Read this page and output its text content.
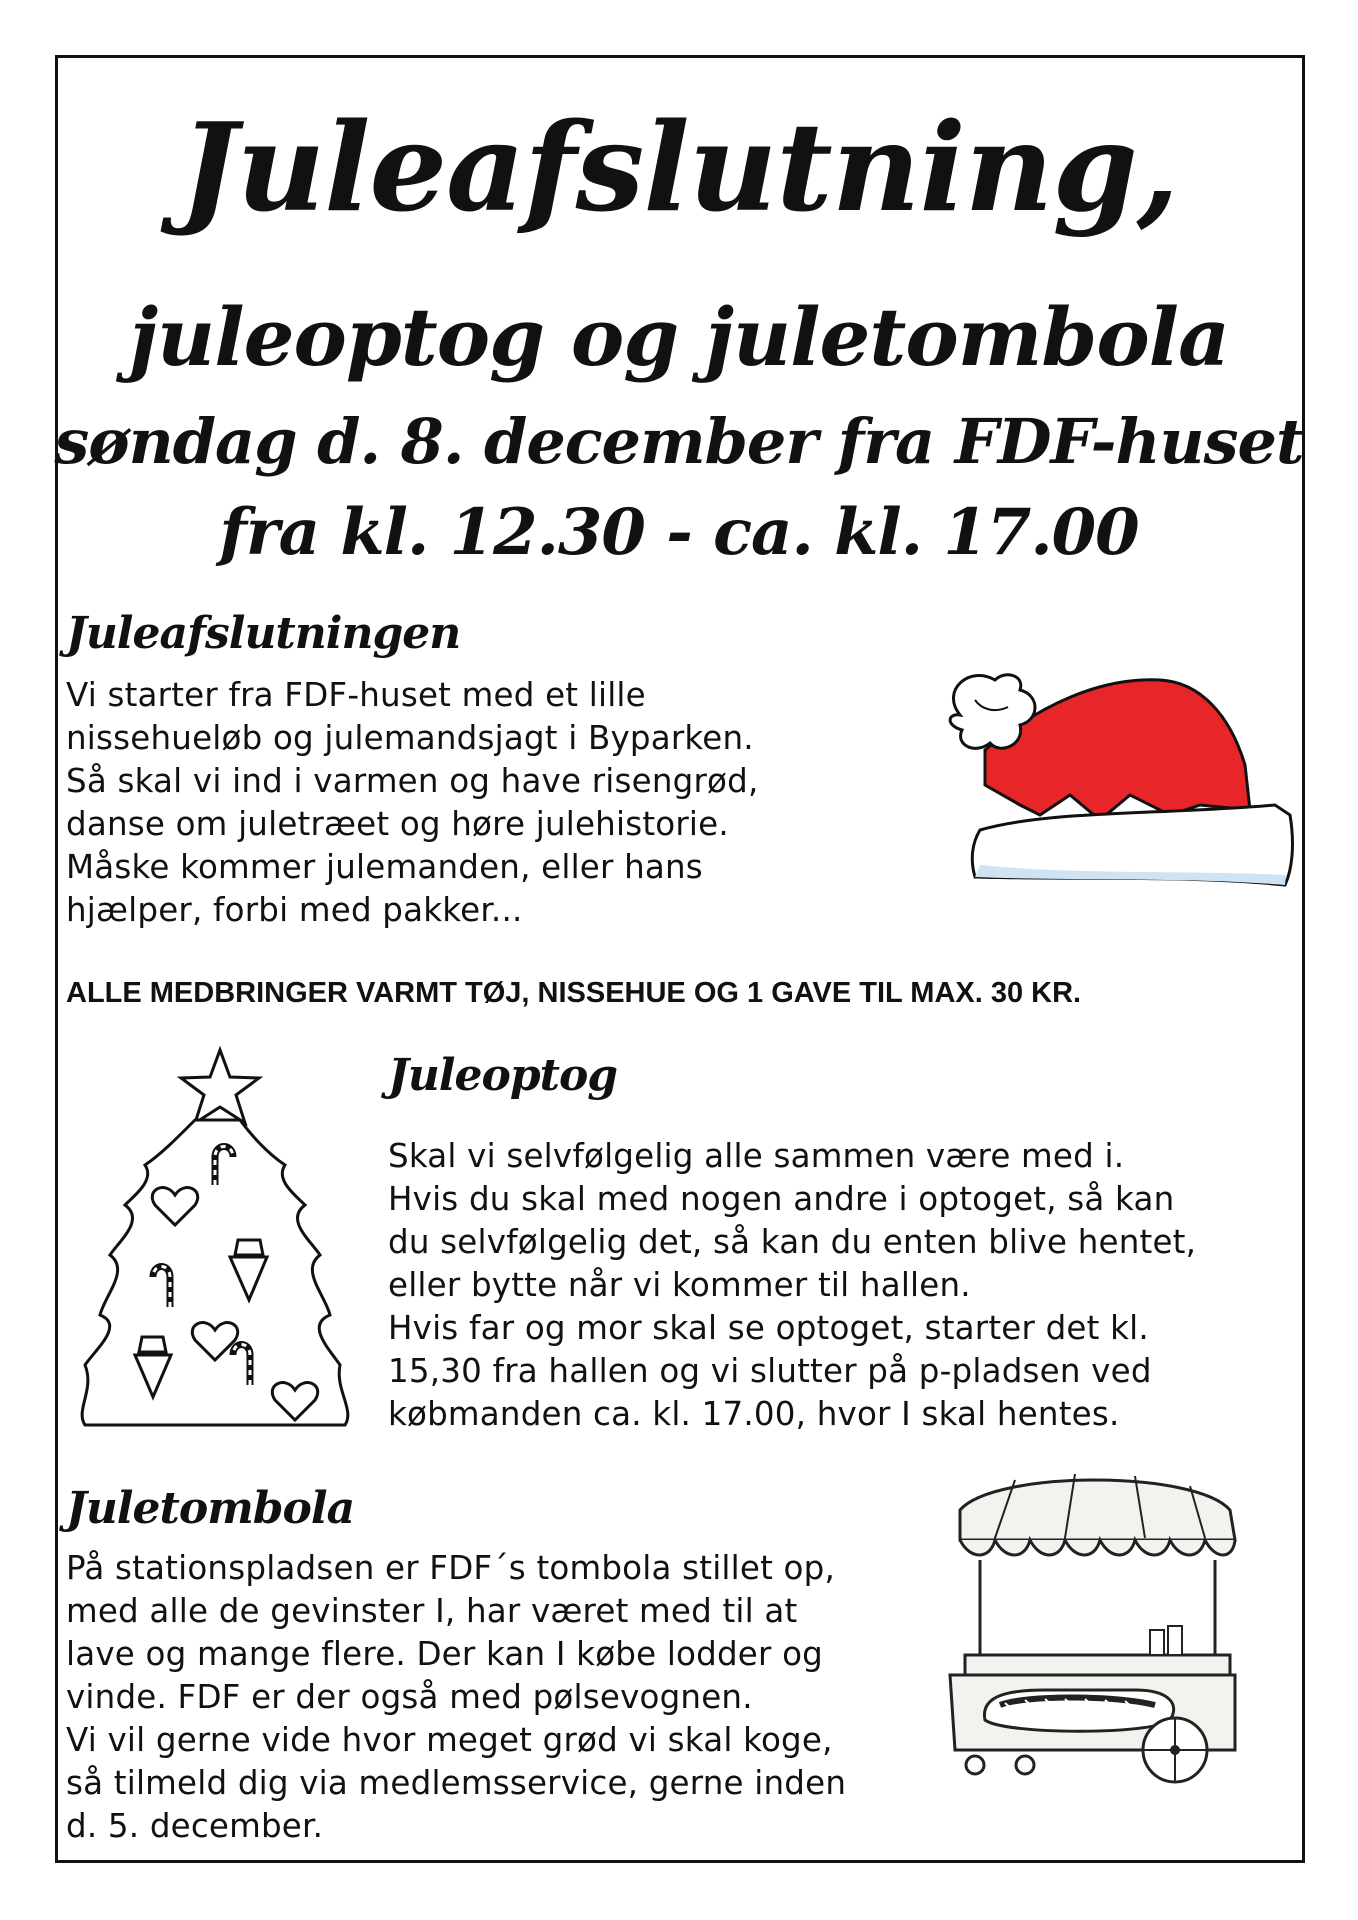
Juleafslutning,
juleoptog og juletombola
søndag d. 8. december fra FDF-huset
fra kl. 12.30 - ca. kl. 17.00
Juleafslutningen
Vi starter fra FDF-huset med et lille
nissehueløb og julemandsjagt i Byparken.
Så skal vi ind i varmen og have risengrød,
danse om juletræet og høre julehistorie.
Måske kommer julemanden, eller hans
hjælper, forbi med pakker...
ALLE MEDBRINGER VARMT TØJ, NISSEHUE OG 1 GAVE TIL MAX. 30 KR.
Juleoptog
Skal vi selvfølgelig alle sammen være med i.
Hvis du skal med nogen andre i optoget, så kan
du selvfølgelig det, så kan du enten blive hentet,
eller bytte når vi kommer til hallen.
Hvis far og mor skal se optoget, starter det kl.
15,30 fra hallen og vi slutter på p-pladsen ved
købmanden ca. kl. 17.00, hvor I skal hentes.
Juletombola
På stationspladsen er FDF´s tombola stillet op,
med alle de gevinster I, har været med til at
lave og mange flere. Der kan I købe lodder og
vinde. FDF er der også med pølsevognen.
Vi vil gerne vide hvor meget grød vi skal koge,
så tilmeld dig via medlemsservice, gerne inden
d. 5. december.
